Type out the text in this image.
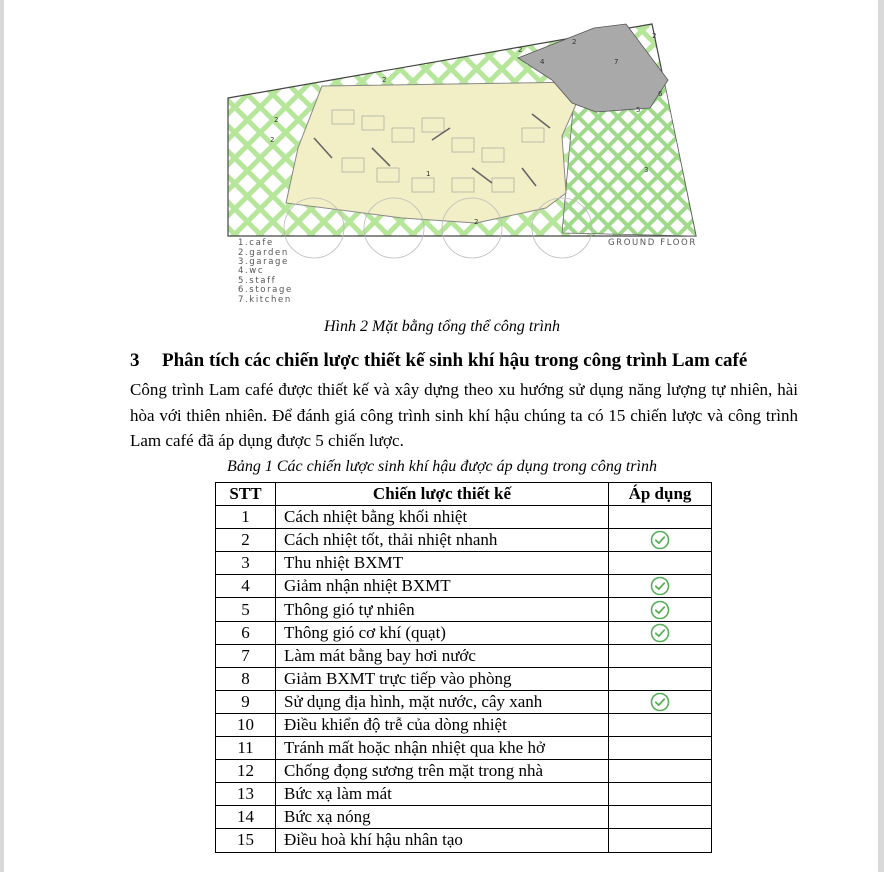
1
2
2
2
2
2
2
2
3
4
5
6
7
1.cafe
2.garden
3.garage
4.wc
5.staff
6.storage
7.kitchen
GROUND FLOOR
Hình 2 Mặt bằng tổng thể công trình
3 Phân tích các chiến lược thiết kế sinh khí hậu trong công trình Lam café
Công trình Lam café được thiết kế và xây dựng theo xu hướng sử dụng năng lượng tự nhiên, hài hòa với thiên nhiên. Để đánh giá công trình sinh khí hậu chúng ta có 15 chiến lược và công trình Lam café đã áp dụng được 5 chiến lược.
Bảng 1 Các chiến lược sinh khí hậu được áp dụng trong công trình
STT	Chiến lược thiết kế	Áp dụng
1	Cách nhiệt bằng khối nhiệt	
2	Cách nhiệt tốt, thải nhiệt nhanh	
3	Thu nhiệt BXMT	
4	Giảm nhận nhiệt BXMT	
5	Thông gió tự nhiên	
6	Thông gió cơ khí (quạt)	
7	Làm mát bằng bay hơi nước	
8	Giảm BXMT trực tiếp vào phòng	
9	Sử dụng địa hình, mặt nước, cây xanh	
10	Điều khiển độ trễ của dòng nhiệt	
11	Tránh mất hoặc nhận nhiệt qua khe hở	
12	Chống đọng sương trên mặt trong nhà	
13	Bức xạ làm mát	
14	Bức xạ nóng	
15	Điều hoà khí hậu nhân tạo	
